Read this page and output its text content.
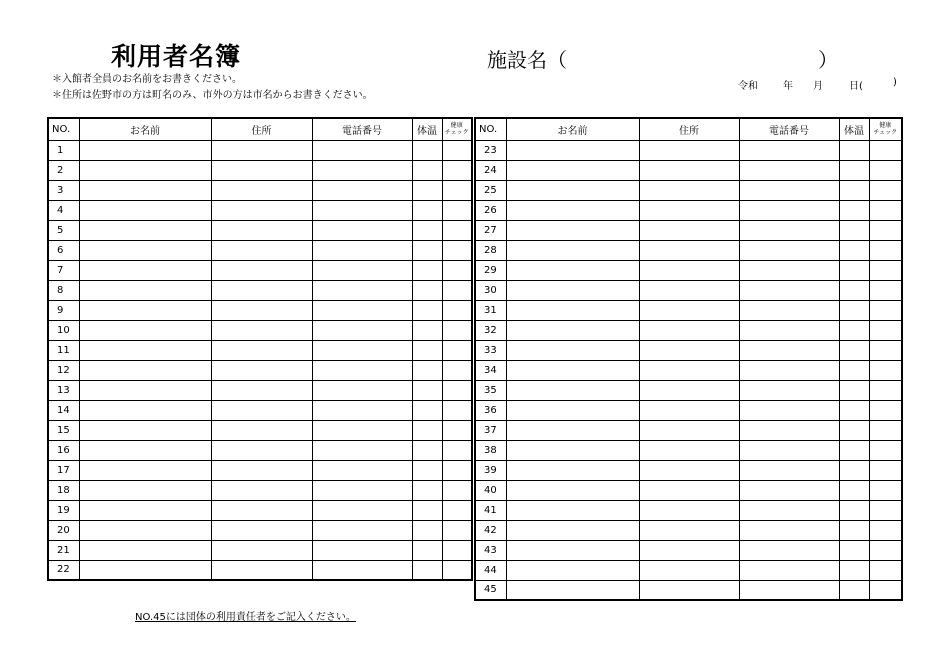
利用者名簿
＊入館者全員のお名前をお書きください。
＊住所は佐野市の方は町名のみ、市外の方は市名からお書きください。
施設名（	）
令和	年 月	日(	)
NO.	お名前	住所	電話番号	体温	健康
チェック

1					
2					
3					
4					
5					
6					
7					
8					
9					
10					
11					
12					
13					
14					
15					
16					
17					
18					
19					
20					
21					
22					
NO.	お名前	住所	電話番号	体温	健康
チェック

23					
24					
25					
26					
27					
28					
29					
30					
31					
32					
33					
34					
35					
36					
37					
38					
39					
40					
41					
42					
43					
44					
45					
NO.45には団体の利用責任者をご記入ください。
